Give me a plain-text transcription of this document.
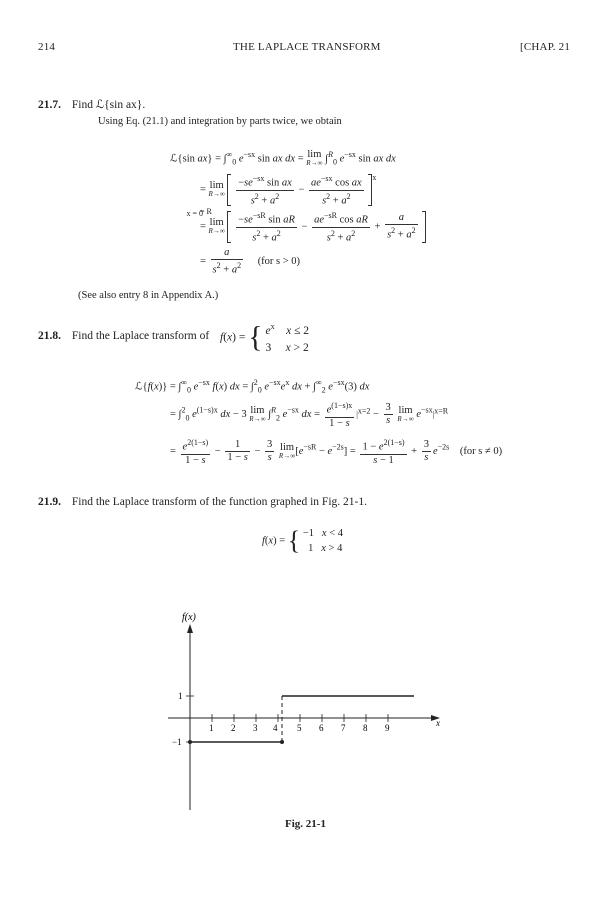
214	THE LAPLACE TRANSFORM	[CHAP. 21
21.7. Find ℒ{sin ax}.
Using Eq. (21.1) and integration by parts twice, we obtain
ℒ{sin $ax\} = \int^\infty_0$ $e^{-sx}$ sin ax dx = lim
R→∞ ∫$^R_0$ $e^{-sx}$ sin ax dx
= lim
R→∞
$\frac{-se^{-sx} \sin ax}{s^2 + a^2} - \frac{ae^{-sx} \cos ax}{s^2 + a^2} ^{x = R}$ x = 0
= lim
R→∞
$\frac{-se^{-sR} \sin aR}{s^2 + a^2} - \frac{ae^{-sR} \cos aR}{s^2 + a^2} + \frac{a}{s^2 + a^2}$

= $\frac{a}{s^2 + a^2} (for$ s > 0)
(See also entry 8 in Appendix A.)
21.8. Find the Laplace transform of f(x) = { $e^x$ x ≤ 2
3     x > 2
ℒ{f(x)} = $\int^\infty_0$ $e^{-sx}$ f(x) dx = ∫$^2_0$ $e^{-sx}e^x$ dx + $\int^\infty_2$ $e^{-sx}(3)$ dx
= ∫$^2_0$ $e^{(1-s)x}$ dx − 3 lim
R→∞ ∫$^R_2$ $e^{-sx}$ dx = $\frac{e^{(1-s)x}}{1 - s} |x=2 - \frac{3}{s}$
lim
R→∞ $e^{-sx}|x=R$
= $\frac{e^{2(1-s)}}{1 - s} - \frac{1}{1 - s} - \frac{3}{s}$
lim
R→∞ $[e^{-sR} - e^{-2s}] = \frac{1 - e^{2(1-s)}}{s - 1} + \frac{3}{s} e^{-2s}$ (for s ≠ 0)
21.9. Find the Laplace transform of the function graphed in Fig. 21-1.
f(x) = { −1   x < 4
1   x > 4
f(x)
x
1 2 3 4 5 6 7 8 9
1
−1
Fig. 21-1
